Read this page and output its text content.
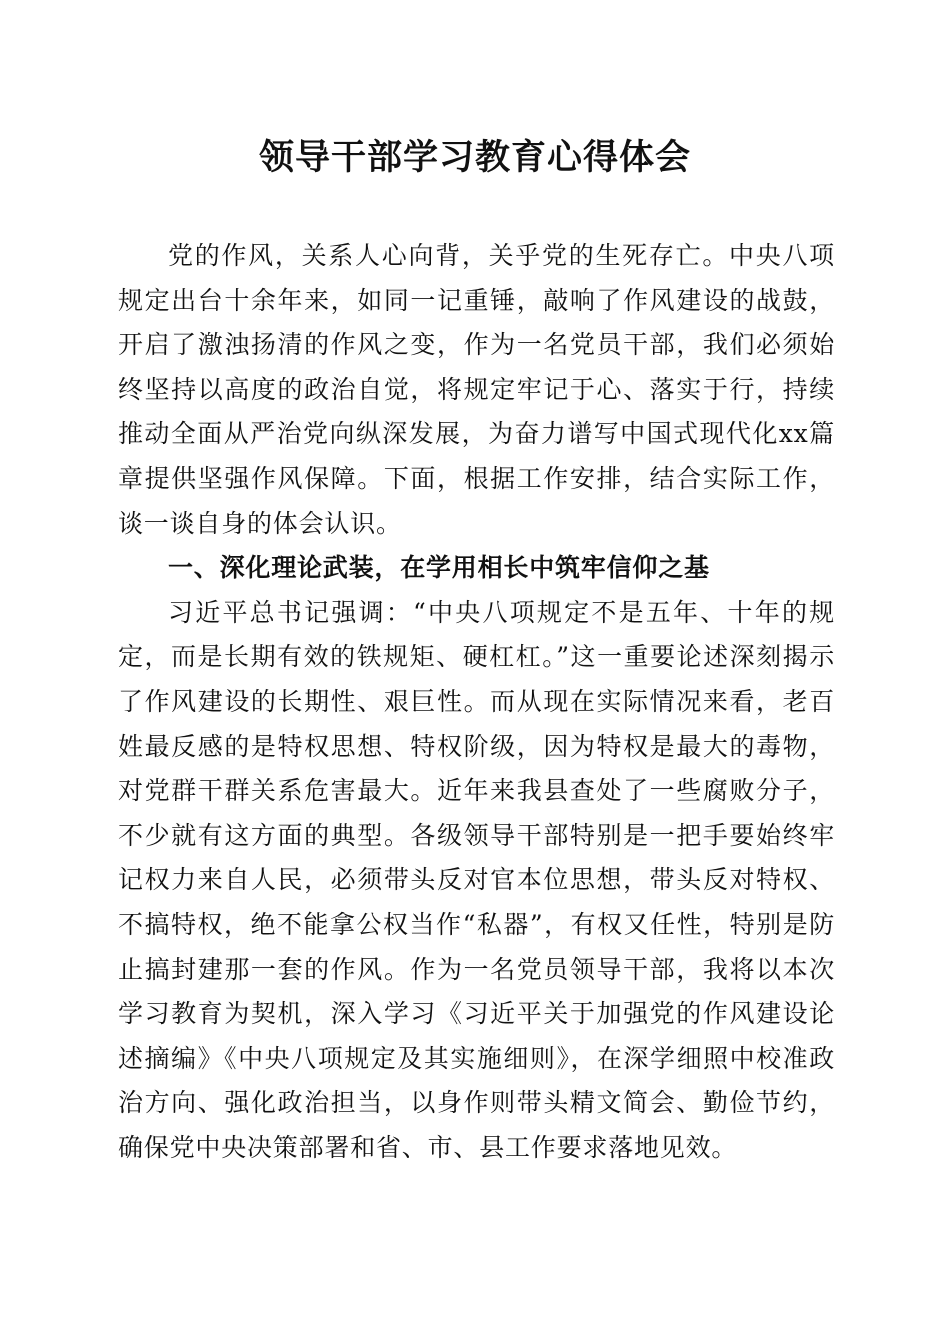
领导干部学习教育心得体会

党的作风，关系人心向背，关乎党的生死存亡。中央八项规定出台十余年来，如同一记重锤，敲响了作风建设的战鼓，开启了激浊扬清的作风之变，作为一名党员干部，我们必须始终坚持以高度的政治自觉，将规定牢记于心、落实于行，持续推动全面从严治党向纵深发展，为奋力谱写中国式现代化xx篇章提供坚强作风保障。下面，根据工作安排，结合实际工作，谈一谈自身的体会认识。

一、深化理论武装，在学用相长中筑牢信仰之基

习近平总书记强调：“中央八项规定不是五年、十年的规定，而是长期有效的铁规矩、硬杠杠。”这一重要论述深刻揭示了作风建设的长期性、艰巨性。而从现在实际情况来看，老百姓最反感的是特权思想、特权阶级，因为特权是最大的毒物，对党群干群关系危害最大。近年来我县查处了一些腐败分子，不少就有这方面的典型。各级领导干部特别是一把手要始终牢记权力来自人民，必须带头反对官本位思想，带头反对特权、不搞特权，绝不能拿公权当作“私器”，有权又任性，特别是防止搞封建那一套的作风。作为一名党员领导干部，我将以本次学习教育为契机，深入学习《习近平关于加强党的作风建设论述摘编》《中央八项规定及其实施细则》，在深学细照中校准政治方向、强化政治担当，以身作则带头精文简会、勤俭节约，确保党中央决策部署和省、市、县工作要求落地见效。
